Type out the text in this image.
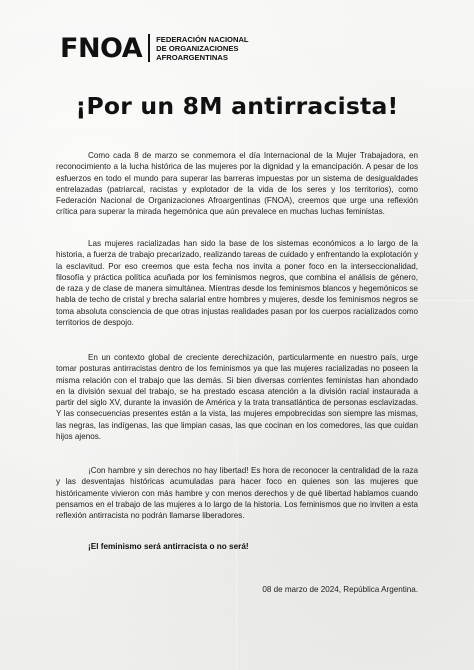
FNOA FEDERACIÓN NACIONAL
DE ORGANIZACIONES
AFROARGENTINAS
¡Por un 8M antirracista!

Como cada 8 de marzo se conmemora el día Internacional de la Mujer Trabajadora, en reconocimiento a la lucha histórica de las mujeres por la dignidad y la emancipación. A pesar de los esfuerzos en todo el mundo para superar las barreras impuestas por un sistema de desigualdades entrelazadas (patriarcal, racistas y explotador de la vida de los seres y los territorios), como Federación Nacional de Organizaciones Afroargentinas (FNOA), creemos que urge una reflexión crítica para superar la mirada hegemónica que aún prevalece en muchas luchas feministas.

Las mujeres racializadas han sido la base de los sistemas económicos a lo largo de la historia, a fuerza de trabajo precarizado, realizando tareas de cuidado y enfrentando la explotación y la esclavitud. Por eso creemos que esta fecha nos invita a poner foco en la interseccionalidad, filosofía y práctica política acuñada por los feminismos negros, que combina el análisis de género, de raza y de clase de manera simultánea. Mientras desde los feminismos blancos y hegemónicos se habla de techo de cristal y brecha salarial entre hombres y mujeres, desde los feminismos negros se toma absoluta consciencia de que otras injustas realidades pasan por los cuerpos racializados como territorios de despojo.

En un contexto global de creciente derechización, particularmente en nuestro país, urge tomar posturas antirracistas dentro de los feminismos ya que las mujeres racializadas no poseen la misma relación con el trabajo que las demás. Si bien diversas corrientes feministas han ahondado en la división sexual del trabajo, se ha prestado escasa atención a la división racial instaurada a partir del siglo XV, durante la invasión de América y la trata transatlántica de personas esclavizadas. Y las consecuencias presentes están a la vista, las mujeres empobrecidas son siempre las mismas, las negras, las indígenas, las que limpian casas, las que cocinan en los comedores, las que cuidan hijos ajenos.

¡Con hambre y sin derechos no hay libertad! Es hora de reconocer la centralidad de la raza y las desventajas históricas acumuladas para hacer foco en quienes son las mujeres que históricamente vivieron con más hambre y con menos derechos y de qué libertad hablamos cuando pensamos en el trabajo de las mujeres a lo largo de la historia. Los feminismos que no inviten a esta reflexión antirracista no podrán llamarse liberadores.

¡El feminismo será antirracista o no será!
08 de marzo de 2024, República Argentina.
